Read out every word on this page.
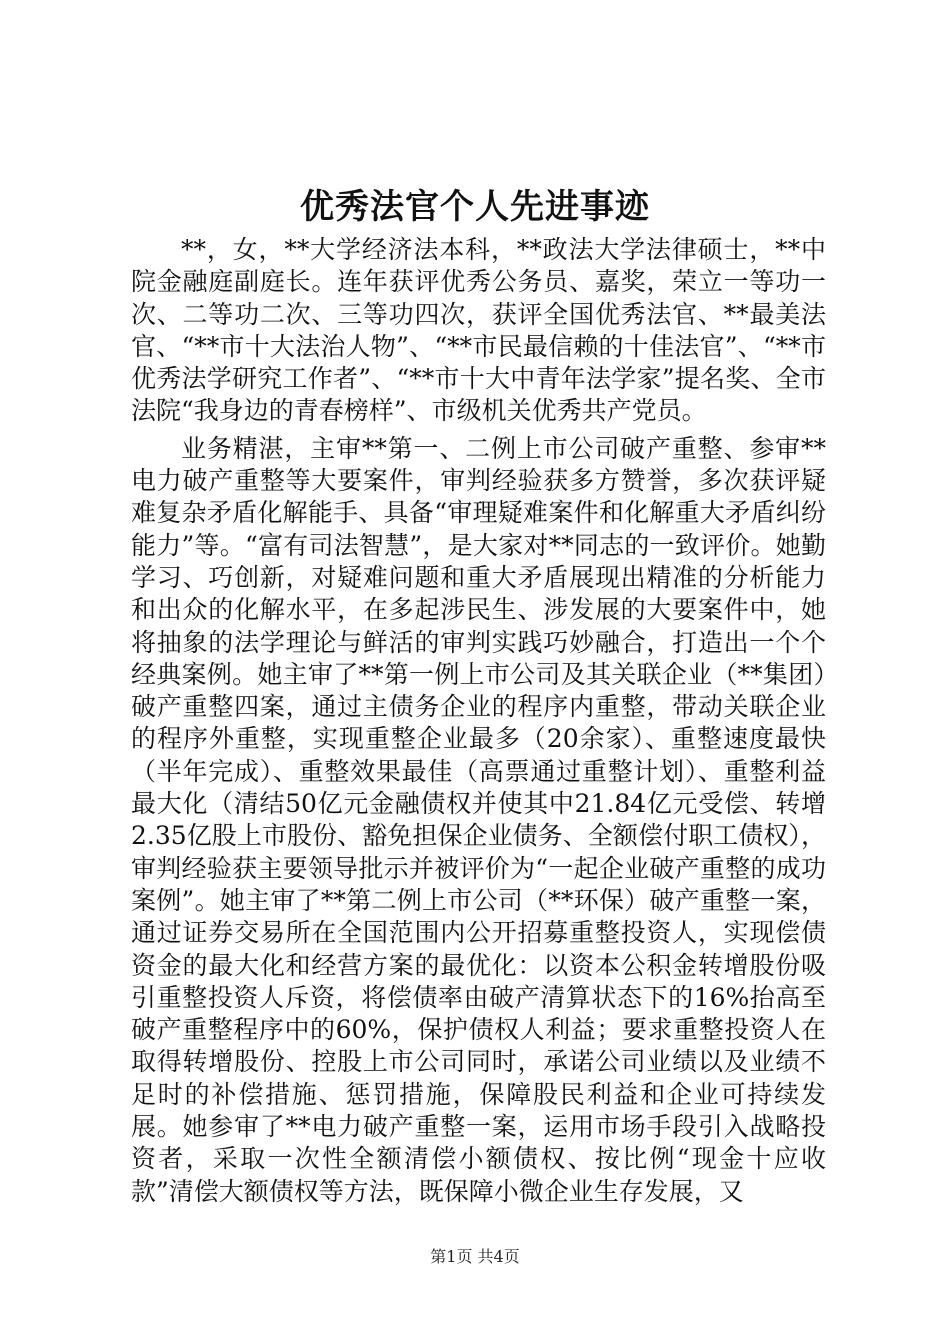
优秀法官个人先进事迹

**，女，**大学经济法本科，**政法大学法律硕士，**中院金融庭副庭长。连年获评优秀公务员、嘉奖，荣立一等功一次、二等功二次、三等功四次，获评全国优秀法官、**最美法官、“**市十大法治人物”、“**市民最信赖的十佳法官”、“**市优秀法学研究工作者”、“**市十大中青年法学家”提名奖、全市法院“我身边的青春榜样”、市级机关优秀共产党员。

业务精湛，主审**第一、二例上市公司破产重整、参审**电力破产重整等大要案件，审判经验获多方赞誉，多次获评疑难复杂矛盾化解能手、具备“审理疑难案件和化解重大矛盾纠纷能力”等。“富有司法智慧”，是大家对**同志的一致评价。她勤学习、巧创新，对疑难问题和重大矛盾展现出精准的分析能力和出众的化解水平，在多起涉民生、涉发展的大要案件中，她将抽象的法学理论与鲜活的审判实践巧妙融合，打造出一个个经典案例。她主审了**第一例上市公司及其关联企业（**集团）破产重整四案，通过主债务企业的程序内重整，带动关联企业的程序外重整，实现重整企业最多（20余家）、重整速度最快（半年完成）、重整效果最佳（高票通过重整计划）、重整利益最大化（清结50亿元金融债权并使其中21.84亿元受偿、转增2.35亿股上市股份、豁免担保企业债务、全额偿付职工债权），审判经验获主要领导批示并被评价为“一起企业破产重整的成功案例”。她主审了**第二例上市公司（**环保）破产重整一案，通过证券交易所在全国范围内公开招募重整投资人，实现偿债资金的最大化和经营方案的最优化：以资本公积金转增股份吸引重整投资人斥资，将偿债率由破产清算状态下的16%抬高至破产重整程序中的60%，保护债权人利益；要求重整投资人在取得转增股份、控股上市公司同时，承诺公司业绩以及业绩不足时的补偿措施、惩罚措施，保障股民利益和企业可持续发展。她参审了**电力破产重整一案，运用市场手段引入战略投资者，采取一次性全额清偿小额债权、按比例“现金十应收款”清偿大额债权等方法，既保障小微企业生存发展，又

第1页 共4页
